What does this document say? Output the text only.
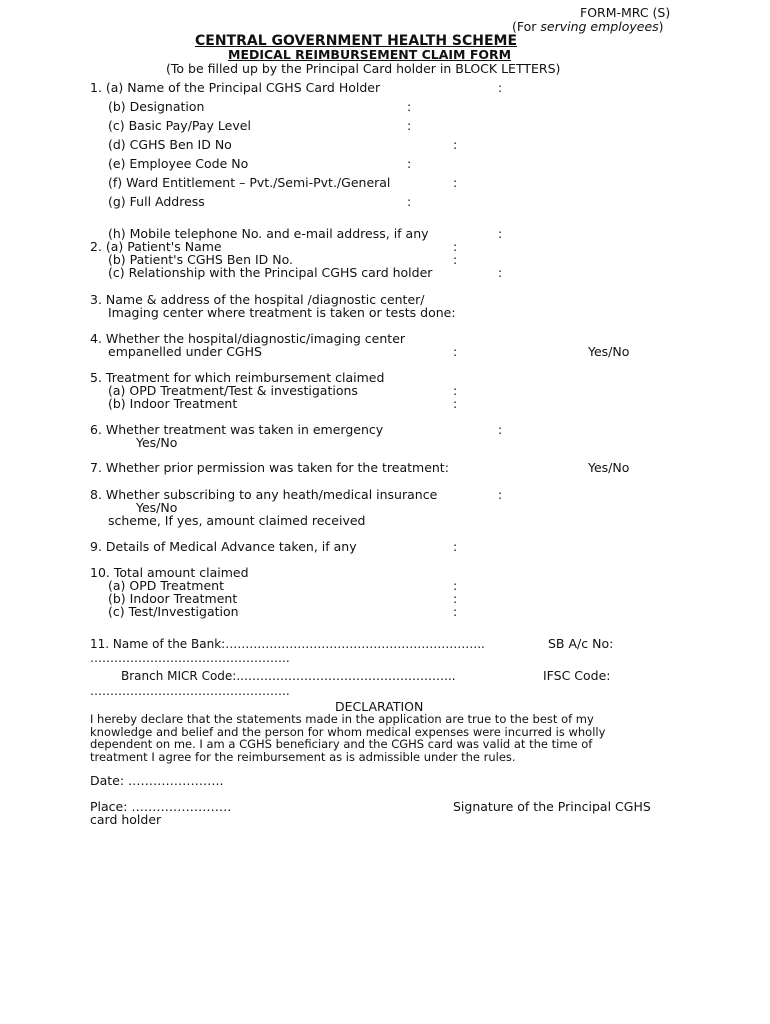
FORM-MRC (S)
(For serving employees)
CENTRAL GOVERNMENT HEALTH SCHEME
MEDICAL REIMBURSEMENT CLAIM FORM
(To be filled up by the Principal Card holder in BLOCK LETTERS)
1. (a) Name of the Principal CGHS Card Holder	:
(b) Designation	:
(c) Basic Pay/Pay Level	:
(d) CGHS Ben ID No	:
(e) Employee Code No	:
(f) Ward Entitlement – Pvt./Semi-Pvt./General	:
(g) Full Address	:
(h) Mobile telephone No. and e-mail address, if any	:
2. (a) Patient's Name	:
(b) Patient's CGHS Ben ID No.	:
(c) Relationship with the Principal CGHS card holder	:
3. Name & address of the hospital /diagnostic center/
Imaging center where treatment is taken or tests done:
4. Whether the hospital/diagnostic/imaging center
empanelled under CGHS	:	Yes/No
5. Treatment for which reimbursement claimed
(a) OPD Treatment/Test & investigations	:
(b) Indoor Treatment	:
6. Whether treatment was taken in emergency	:
Yes/No
7. Whether prior permission was taken for the treatment:	Yes/No
8. Whether subscribing to any heath/medical insurance	:
Yes/No
scheme, If yes, amount claimed received
9. Details of Medical Advance taken, if any	:
10. Total amount claimed
(a) OPD Treatment	:
(b) Indoor Treatment	:
(c) Test/Investigation	:
11. Name of the Bank:………………………………………………………..	SB A/c No:
…………………………………………..
Branch MICR Code:..……………………………………………..	IFSC Code:
…………………………………………..
DECLARATION
I hereby declare that the statements made in the application are true to the best of my knowledge and belief and the person for whom medical expenses were incurred is wholly dependent on me. I am a CGHS beneficiary and the CGHS card was valid at the time of treatment I agree for the reimbursement as is admissible under the rules.
Date: …………………..
Place: ……………………	Signature of the Principal CGHS
card holder
